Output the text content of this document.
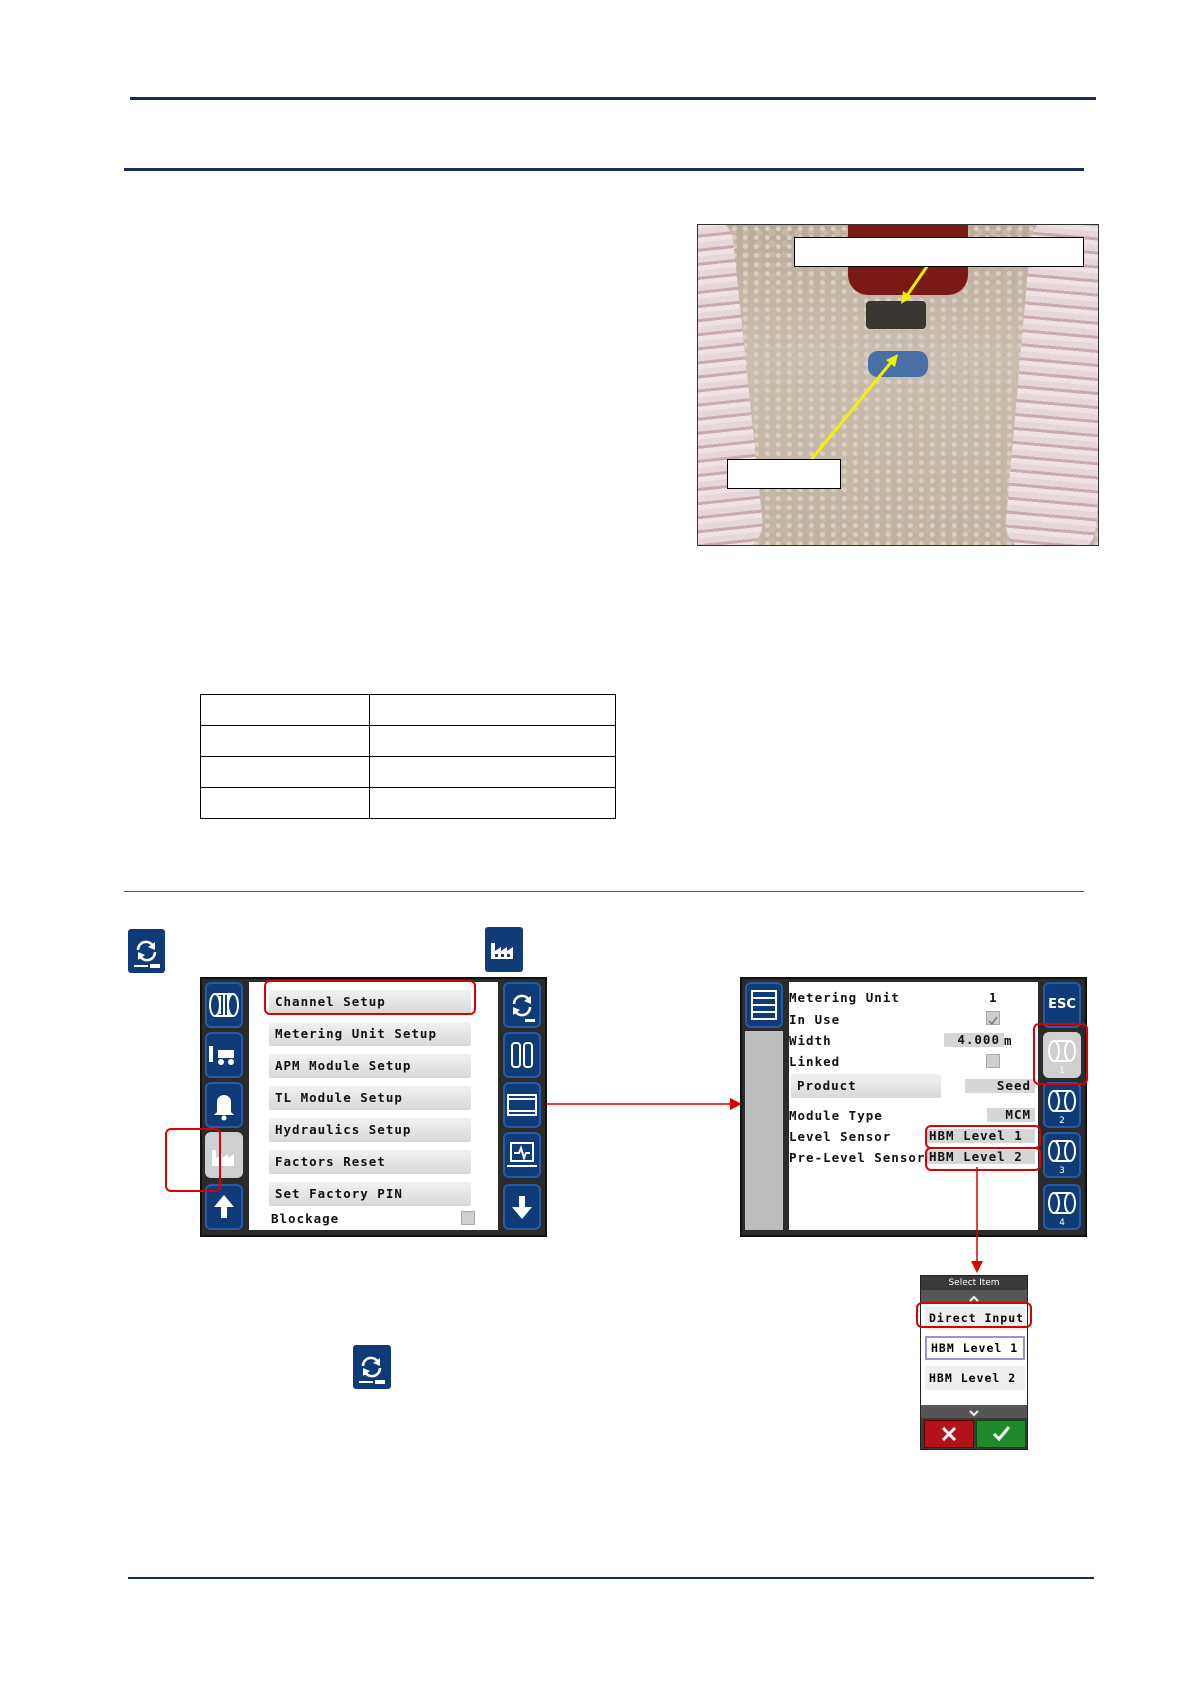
Channel Setup
Metering Unit Setup
APM Module Setup
TL Module Setup
Hydraulics Setup
Factors Reset
Set Factory PIN
Blockage
Metering Unit	1
In Use
Width	4.000 m
Linked
Product	Seed
Module Type	MCM
Level Sensor	HBM Level 1
Pre-Level Sensor HBM Level 2
ESC
1
2
3
4
Select Item
Direct Input
HBM Level 1
HBM Level 2
